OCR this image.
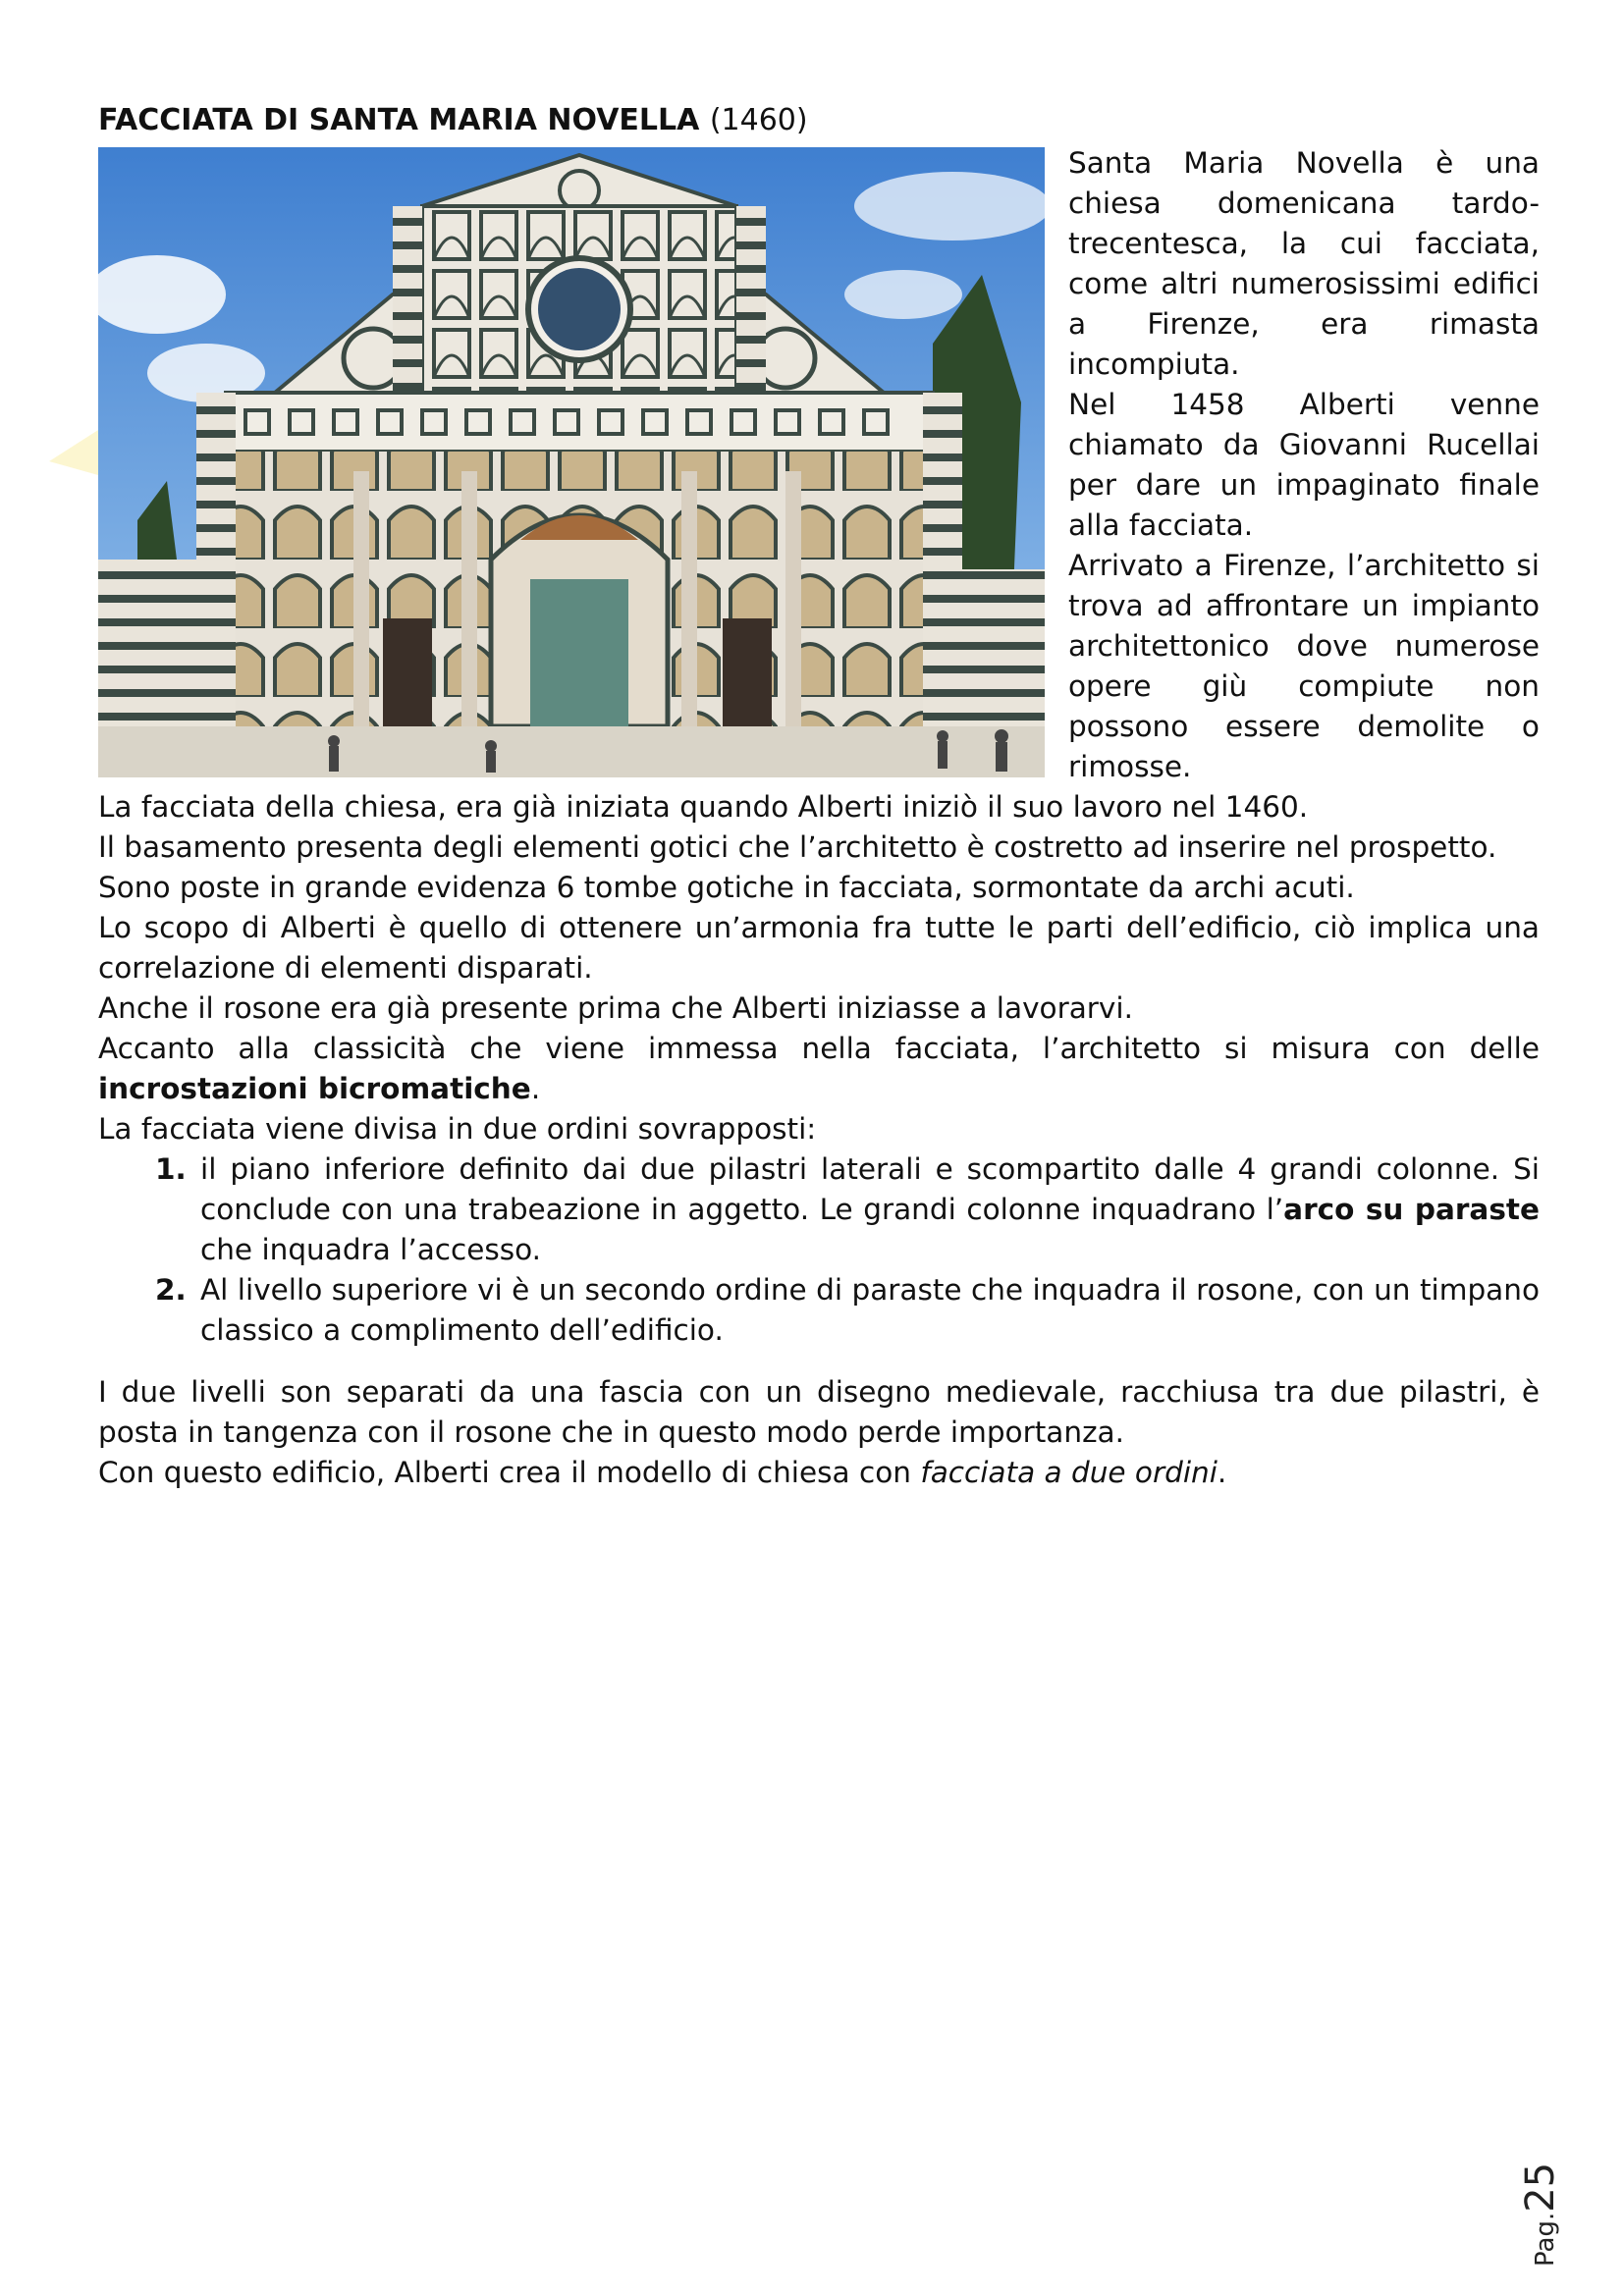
FACCIATA DI SANTA MARIA NOVELLA (1460)

Santa Maria Novella è una chiesa domenicana tardo-trecentesca, la cui facciata, come altri numerosissimi edifici a Firenze, era rimasta incompiuta.

Nel 1458 Alberti venne chiamato da Giovanni Rucellai per dare un impaginato finale alla facciata.

Arrivato a Firenze, l’architetto si trova ad affrontare un impianto architettonico dove numerose opere giù compiute non possono essere demolite o rimosse.

La facciata della chiesa, era già iniziata quando Alberti iniziò il suo lavoro nel 1460.

Il basamento presenta degli elementi gotici che l’architetto è costretto ad inserire nel prospetto.

Sono poste in grande evidenza 6 tombe gotiche in facciata, sormontate da archi acuti.

Lo scopo di Alberti è quello di ottenere un’armonia fra tutte le parti dell’edificio, ciò implica una correlazione di elementi disparati.

Anche il rosone era già presente prima che Alberti iniziasse a lavorarvi.

Accanto alla classicità che viene immessa nella facciata, l’architetto si misura con delle incrostazioni bicromatiche.

La facciata viene divisa in due ordini sovrapposti:

1. il piano inferiore definito dai due pilastri laterali e scompartito dalle 4 grandi colonne. Si conclude con una trabeazione in aggetto. Le grandi colonne inquadrano l’arco su paraste che inquadra l’accesso.
2. Al livello superiore vi è un secondo ordine di paraste che inquadra il rosone, con un timpano classico a complimento dell’edificio.

I due livelli son separati da una fascia con un disegno medievale, racchiusa tra due pilastri, è posta in tangenza con il rosone che in questo modo perde importanza.

Con questo edificio, Alberti crea il modello di chiesa con facciata a due ordini.

Pag.25
